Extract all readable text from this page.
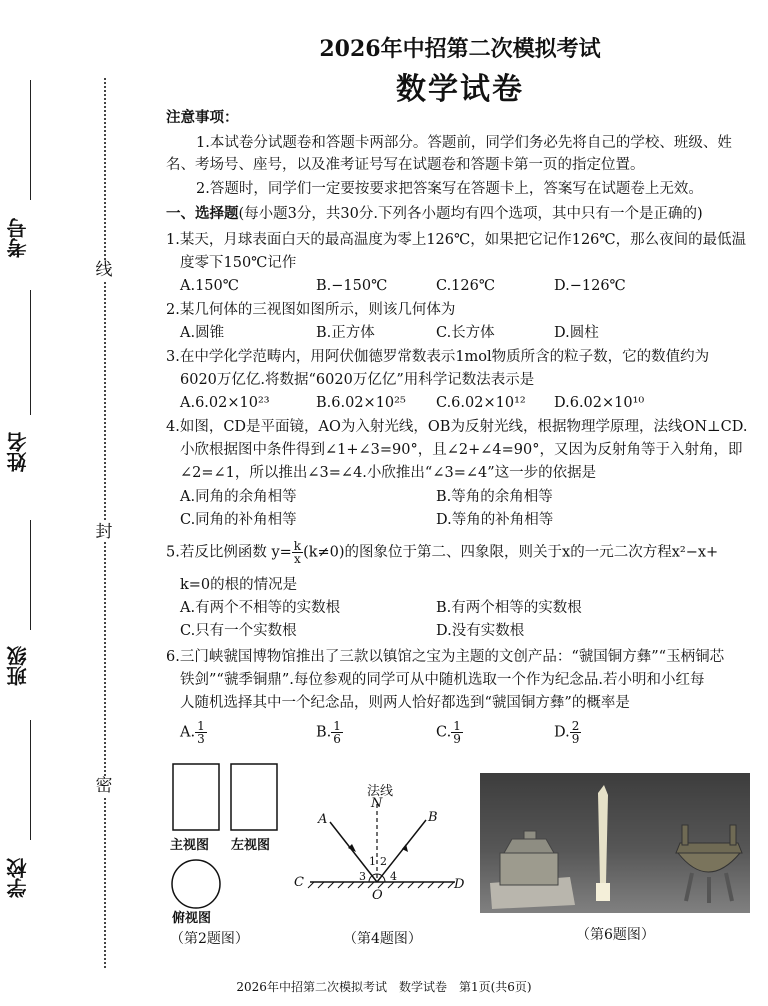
考号
姓名
班级
学校
线
封
密
2026年中招第二次模拟考试
数学试卷
注意事项：
1.本试卷分试题卷和答题卡两部分。答题前，同学们务必先将自己的学校、班级、姓
名、考场号、座号，以及准考证号写在试题卷和答题卡第一页的指定位置。
2.答题时，同学们一定要按要求把答案写在答题卡上，答案写在试题卷上无效。
一、选择题(每小题3分，共30分.下列各小题均有四个选项，其中只有一个是正确的)
1.某天，月球表面白天的最高温度为零上126℃，如果把它记作126℃，那么夜间的最低温
度零下150℃记作
A.150℃	B.−150℃	C.126℃	D.−126℃
2.某几何体的三视图如图所示，则该几何体为
A.圆锥	B.正方体	C.长方体	D.圆柱
3.在中学化学范畴内，用阿伏伽德罗常数表示1mol物质所含的粒子数，它的数值约为
6020万亿亿.将数据“6020万亿亿”用科学记数法表示是
A.6.02×10²³	B.6.02×10²⁵ C.6.02×10¹² D.6.02×10¹⁰
4.如图，CD是平面镜，AO为入射光线，OB为反射光线，根据物理学原理，法线ON⊥CD.
小欣根据图中条件得到∠1+∠3=90°，且∠2+∠4=90°，又因为反射角等于入射角，即
∠2=∠1，所以推出∠3=∠4.小欣推出“∠3=∠4”这一步的依据是
A.同角的余角相等	B.等角的余角相等
C.同角的补角相等	D.等角的补角相等
5.若反比例函数 $y= \frac{k}{x} (k\ne 0)$的图象位于第二、四象限，则关于x的一元二次方程x²−x+
k=0的根的情况是
A.有两个不相等的实数根	B.有两个相等的实数根
C.只有一个实数根	D.没有实数根
6.三门峡虢国博物馆推出了三款以镇馆之宝为主题的文创产品：“虢国铜方彝”“玉柄铜芯
铁剑”“虢季铜鼎”.每位参观的同学可从中随机选取一个作为纪念品.若小明和小红每
人随机选择其中一个纪念品，则两人恰好都选到“虢国铜方彝”的概率是
A. $\frac{1}{3}$	B. $\frac{1}{6}$	C. $\frac{1}{9}$	D. $\frac{2}{9}$
主视图 左视图
俯视图
（第2题图）
法线
N
A	B
C	D
O
1 2
3 4
（第4题图）	（第6题图）
2026年中招第二次模拟考试　数学试卷　第1页(共6页)
